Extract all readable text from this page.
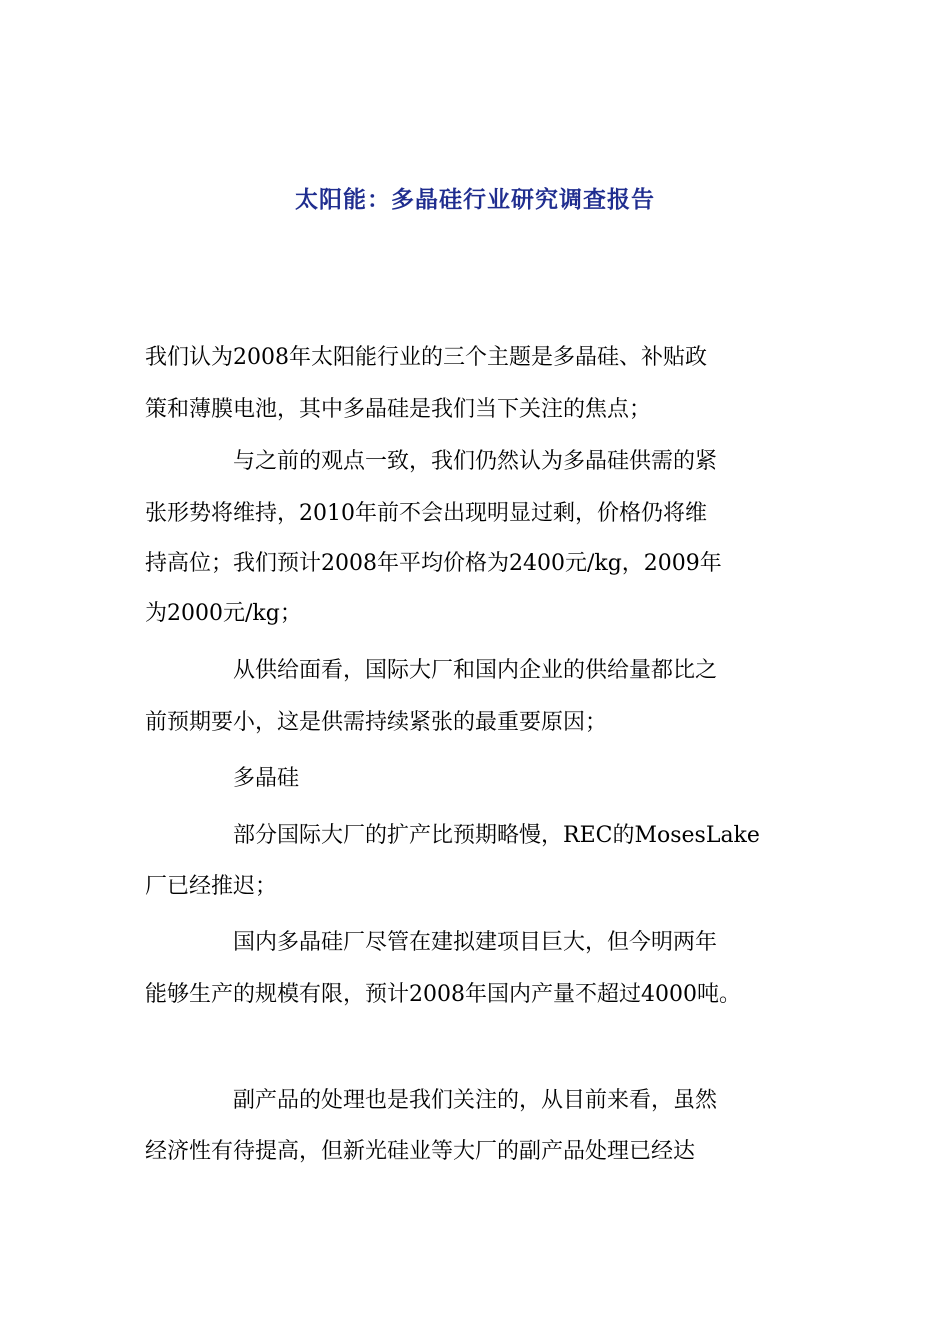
太阳能：多晶硅行业研究调查报告
我们认为2008年太阳能行业的三个主题是多晶硅、补贴政
策和薄膜电池，其中多晶硅是我们当下关注的焦点；
与之前的观点一致，我们仍然认为多晶硅供需的紧
张形势将维持，2010年前不会出现明显过剩，价格仍将维
持高位；我们预计2008年平均价格为2400元/kg，2009年
为2000元/kg；
从供给面看，国际大厂和国内企业的供给量都比之
前预期要小，这是供需持续紧张的最重要原因；
多晶硅
部分国际大厂的扩产比预期略慢，REC的MosesLake
厂已经推迟；
国内多晶硅厂尽管在建拟建项目巨大，但今明两年
能够生产的规模有限，预计2008年国内产量不超过4000吨。
副产品的处理也是我们关注的，从目前来看，虽然
经济性有待提高，但新光硅业等大厂的副产品处理已经达
